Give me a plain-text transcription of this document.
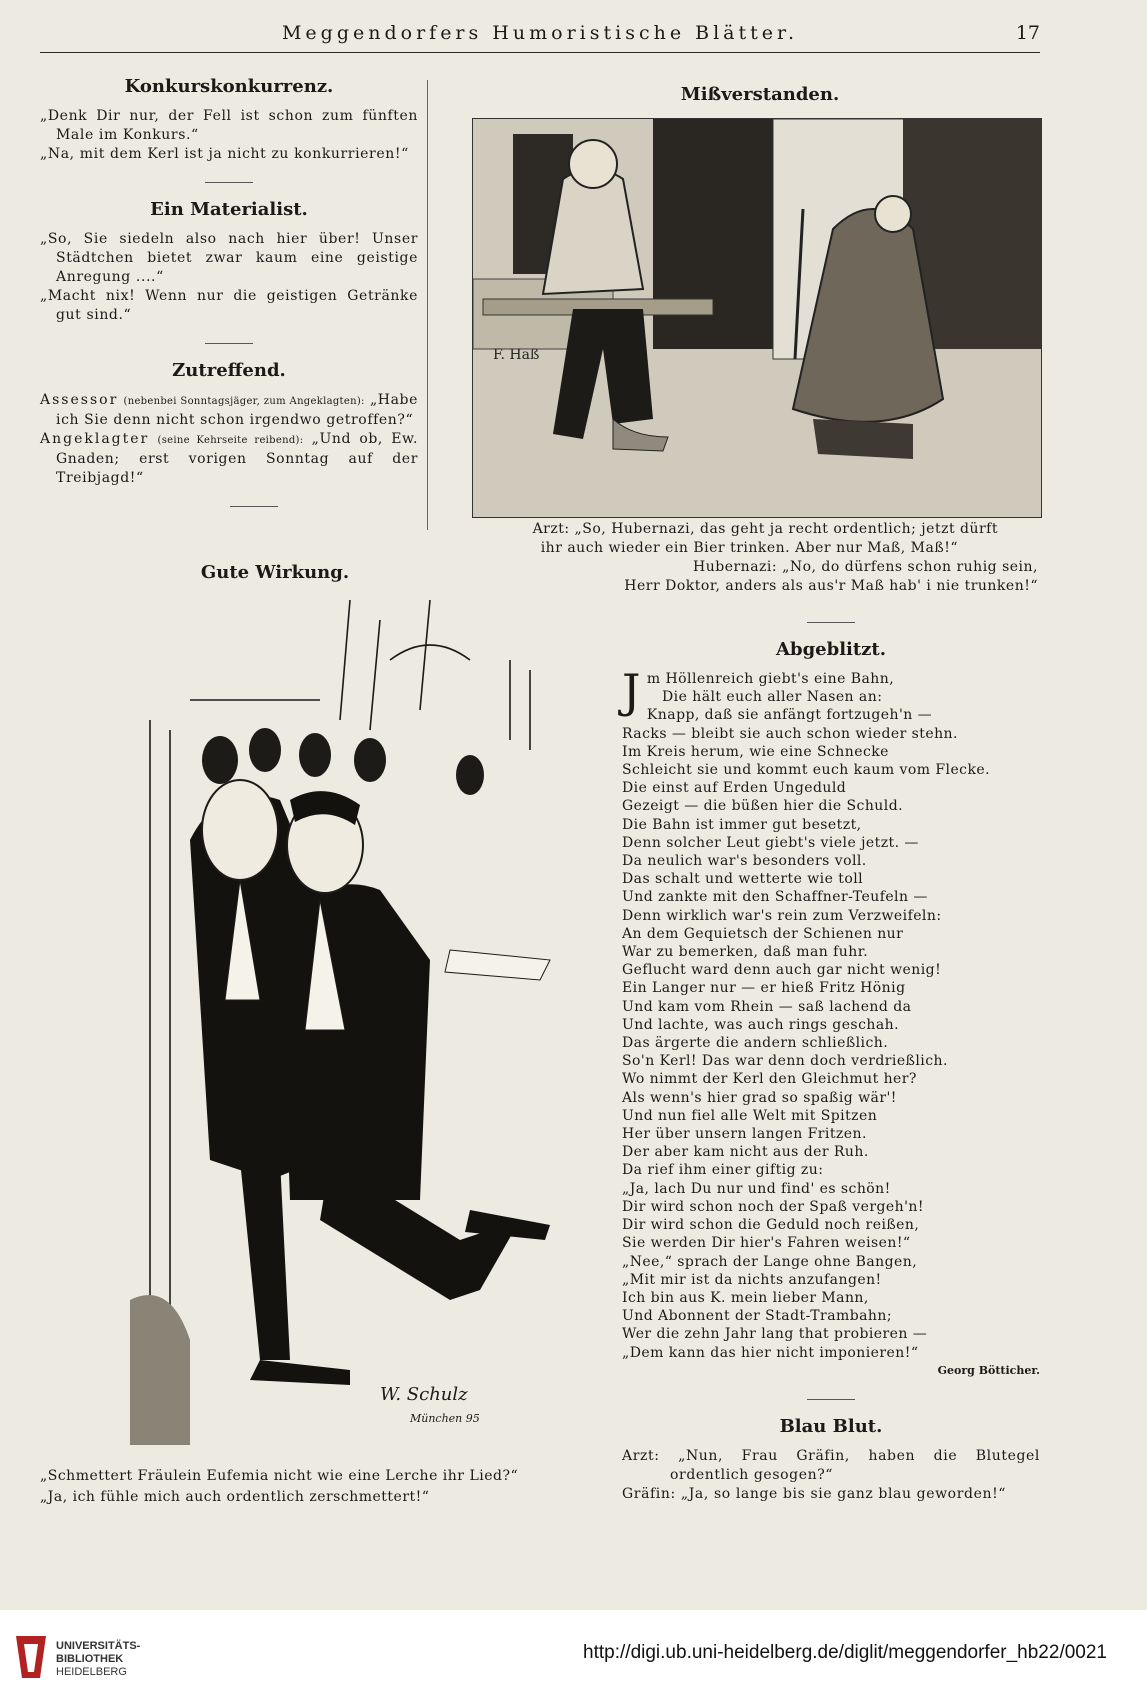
Meggendorfers Humoristische Blätter.	17
Konkurskonkurrenz.

„Denk Dir nur, der Fell ist schon zum fünften Male im Konkurs.“

„Na, mit dem Kerl ist ja nicht zu konkurrieren!“

Ein Materialist.

„So, Sie siedeln also nach hier über! Unser Städtchen bietet zwar kaum eine geistige Anregung ....“

„Macht nix! Wenn nur die geistigen Getränke gut sind.“

Zutreffend.

Assessor (nebenbei Sonntagsjäger, zum Angeklagten): „Habe ich Sie denn nicht schon irgendwo getroffen?“

Angeklagter (seine Kehrseite reibend): „Und ob, Ew. Gnaden; erst vorigen Sonntag auf der Treibjagd!“

Mißverstanden.
F. Haß
Arzt: „So, Hubernazi, das geht ja recht ordentlich; jetzt dürft
ihr auch wieder ein Bier trinken. Aber nur Maß, Maß!“
Hubernazi: „No, do dürfens schon ruhig sein,
Herr Doktor, anders als aus'r Maß hab' i nie trunken!“
Gute Wirkung.
W. Schulz
München 95
„Schmettert Fräulein Eufemia nicht wie eine Lerche ihr Lied?“
„Ja, ich fühle mich auch ordentlich zerschmettert!“
Abgeblitzt.
J m Höllenreich giebt's eine Bahn,
Die hält euch aller Nasen an:
Knapp, daß sie anfängt fortzugeh'n —
Racks — bleibt sie auch schon wieder stehn.
Im Kreis herum, wie eine Schnecke
Schleicht sie und kommt euch kaum vom Flecke.
Die einst auf Erden Ungeduld
Gezeigt — die büßen hier die Schuld.
Die Bahn ist immer gut besetzt,
Denn solcher Leut giebt's viele jetzt. —
Da neulich war's besonders voll.
Das schalt und wetterte wie toll
Und zankte mit den Schaffner-Teufeln —
Denn wirklich war's rein zum Verzweifeln:
An dem Gequietsch der Schienen nur
War zu bemerken, daß man fuhr.
Geflucht ward denn auch gar nicht wenig!
Ein Langer nur — er hieß Fritz Hönig
Und kam vom Rhein — saß lachend da
Und lachte, was auch rings geschah.
Das ärgerte die andern schließlich.
So'n Kerl! Das war denn doch verdrießlich.
Wo nimmt der Kerl den Gleichmut her?
Als wenn's hier grad so spaßig wär'!
Und nun fiel alle Welt mit Spitzen
Her über unsern langen Fritzen.
Der aber kam nicht aus der Ruh.
Da rief ihm einer giftig zu:
„Ja, lach Du nur und find' es schön!
Dir wird schon noch der Spaß vergeh'n!
Dir wird schon die Geduld noch reißen,
Sie werden Dir hier's Fahren weisen!“
„Nee,“ sprach der Lange ohne Bangen,
„Mit mir ist da nichts anzufangen!
Ich bin aus K. mein lieber Mann,
Und Abonnent der Stadt-Trambahn;
Wer die zehn Jahr lang that probieren —
„Dem kann das hier nicht imponieren!“
Georg Bötticher.
Blau Blut.

Arzt: „Nun, Frau Gräfin, haben die Blutegel ordentlich gesogen?“

Gräfin: „Ja, so lange bis sie ganz blau geworden!“

UNIVERSITÄTS-
BIBLIOTHEK
HEIDELBERG
http://digi.ub.uni-heidelberg.de/diglit/meggendorfer_hb22/0021
